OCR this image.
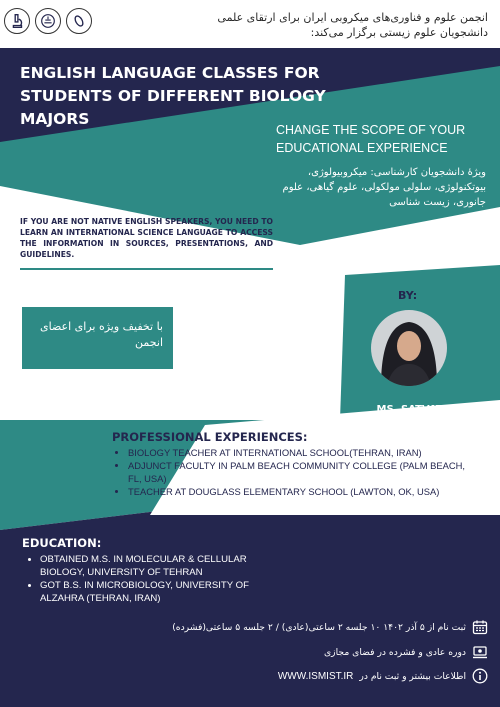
انجمن علوم و فناوری‌های میکروبی ایران برای ارتقای علمی دانشجویان علوم زیستی برگزار می‌کند:
ENGLISH LANGUAGE CLASSES FOR STUDENTS OF DIFFERENT BIOLOGY MAJORS
CHANGE THE SCOPE OF YOUR EDUCATIONAL EXPERIENCE
ویژهٔ دانشجویان کارشناسی: میکروبیولوژی، بیوتکنولوژی، سلولی مولکولی، علوم گیاهی، علوم جانوری، زیست شناسی
IF YOU ARE NOT NATIVE ENGLISH SPEAKERS, YOU NEED TO LEARN AN INTERNATIONAL SCIENCE LANGUAGE TO ACCESS THE INFORMATION IN SOURCES, PRESENTATIONS, AND GUIDELINES.
با تخفیف ویژه برای اعضای انجمن
BY:
MS. SATVAT-MANESH
PROFESSIONAL EXPERIENCES:
• BIOLOGY TEACHER AT INTERNATIONAL SCHOOL(TEHRAN, IRAN)
• ADJUNCT FACULTY IN PALM BEACH COMMUNITY COLLEGE (PALM BEACH, FL, USA)
• TEACHER AT DOUGLASS ELEMENTARY SCHOOL (LAWTON, OK, USA)
EDUCATION:
• OBTAINED M.S. IN MOLECULAR & CELLULAR BIOLOGY, UNIVERSITY OF TEHRAN
• GOT B.S. IN MICROBIOLOGY, UNIVERSITY OF ALZAHRA (TEHRAN, IRAN)
ثبت نام از ۵ آذر ۱۴۰۲ ۱۰ جلسه ۲ ساعتی(عادی) / ۲ جلسه ۵ ساعتی(فشرده)
دوره عادی و فشرده در فضای مجازی
اطلاعات بیشتر و ثبت نام در
WWW.ISMIST.IR
